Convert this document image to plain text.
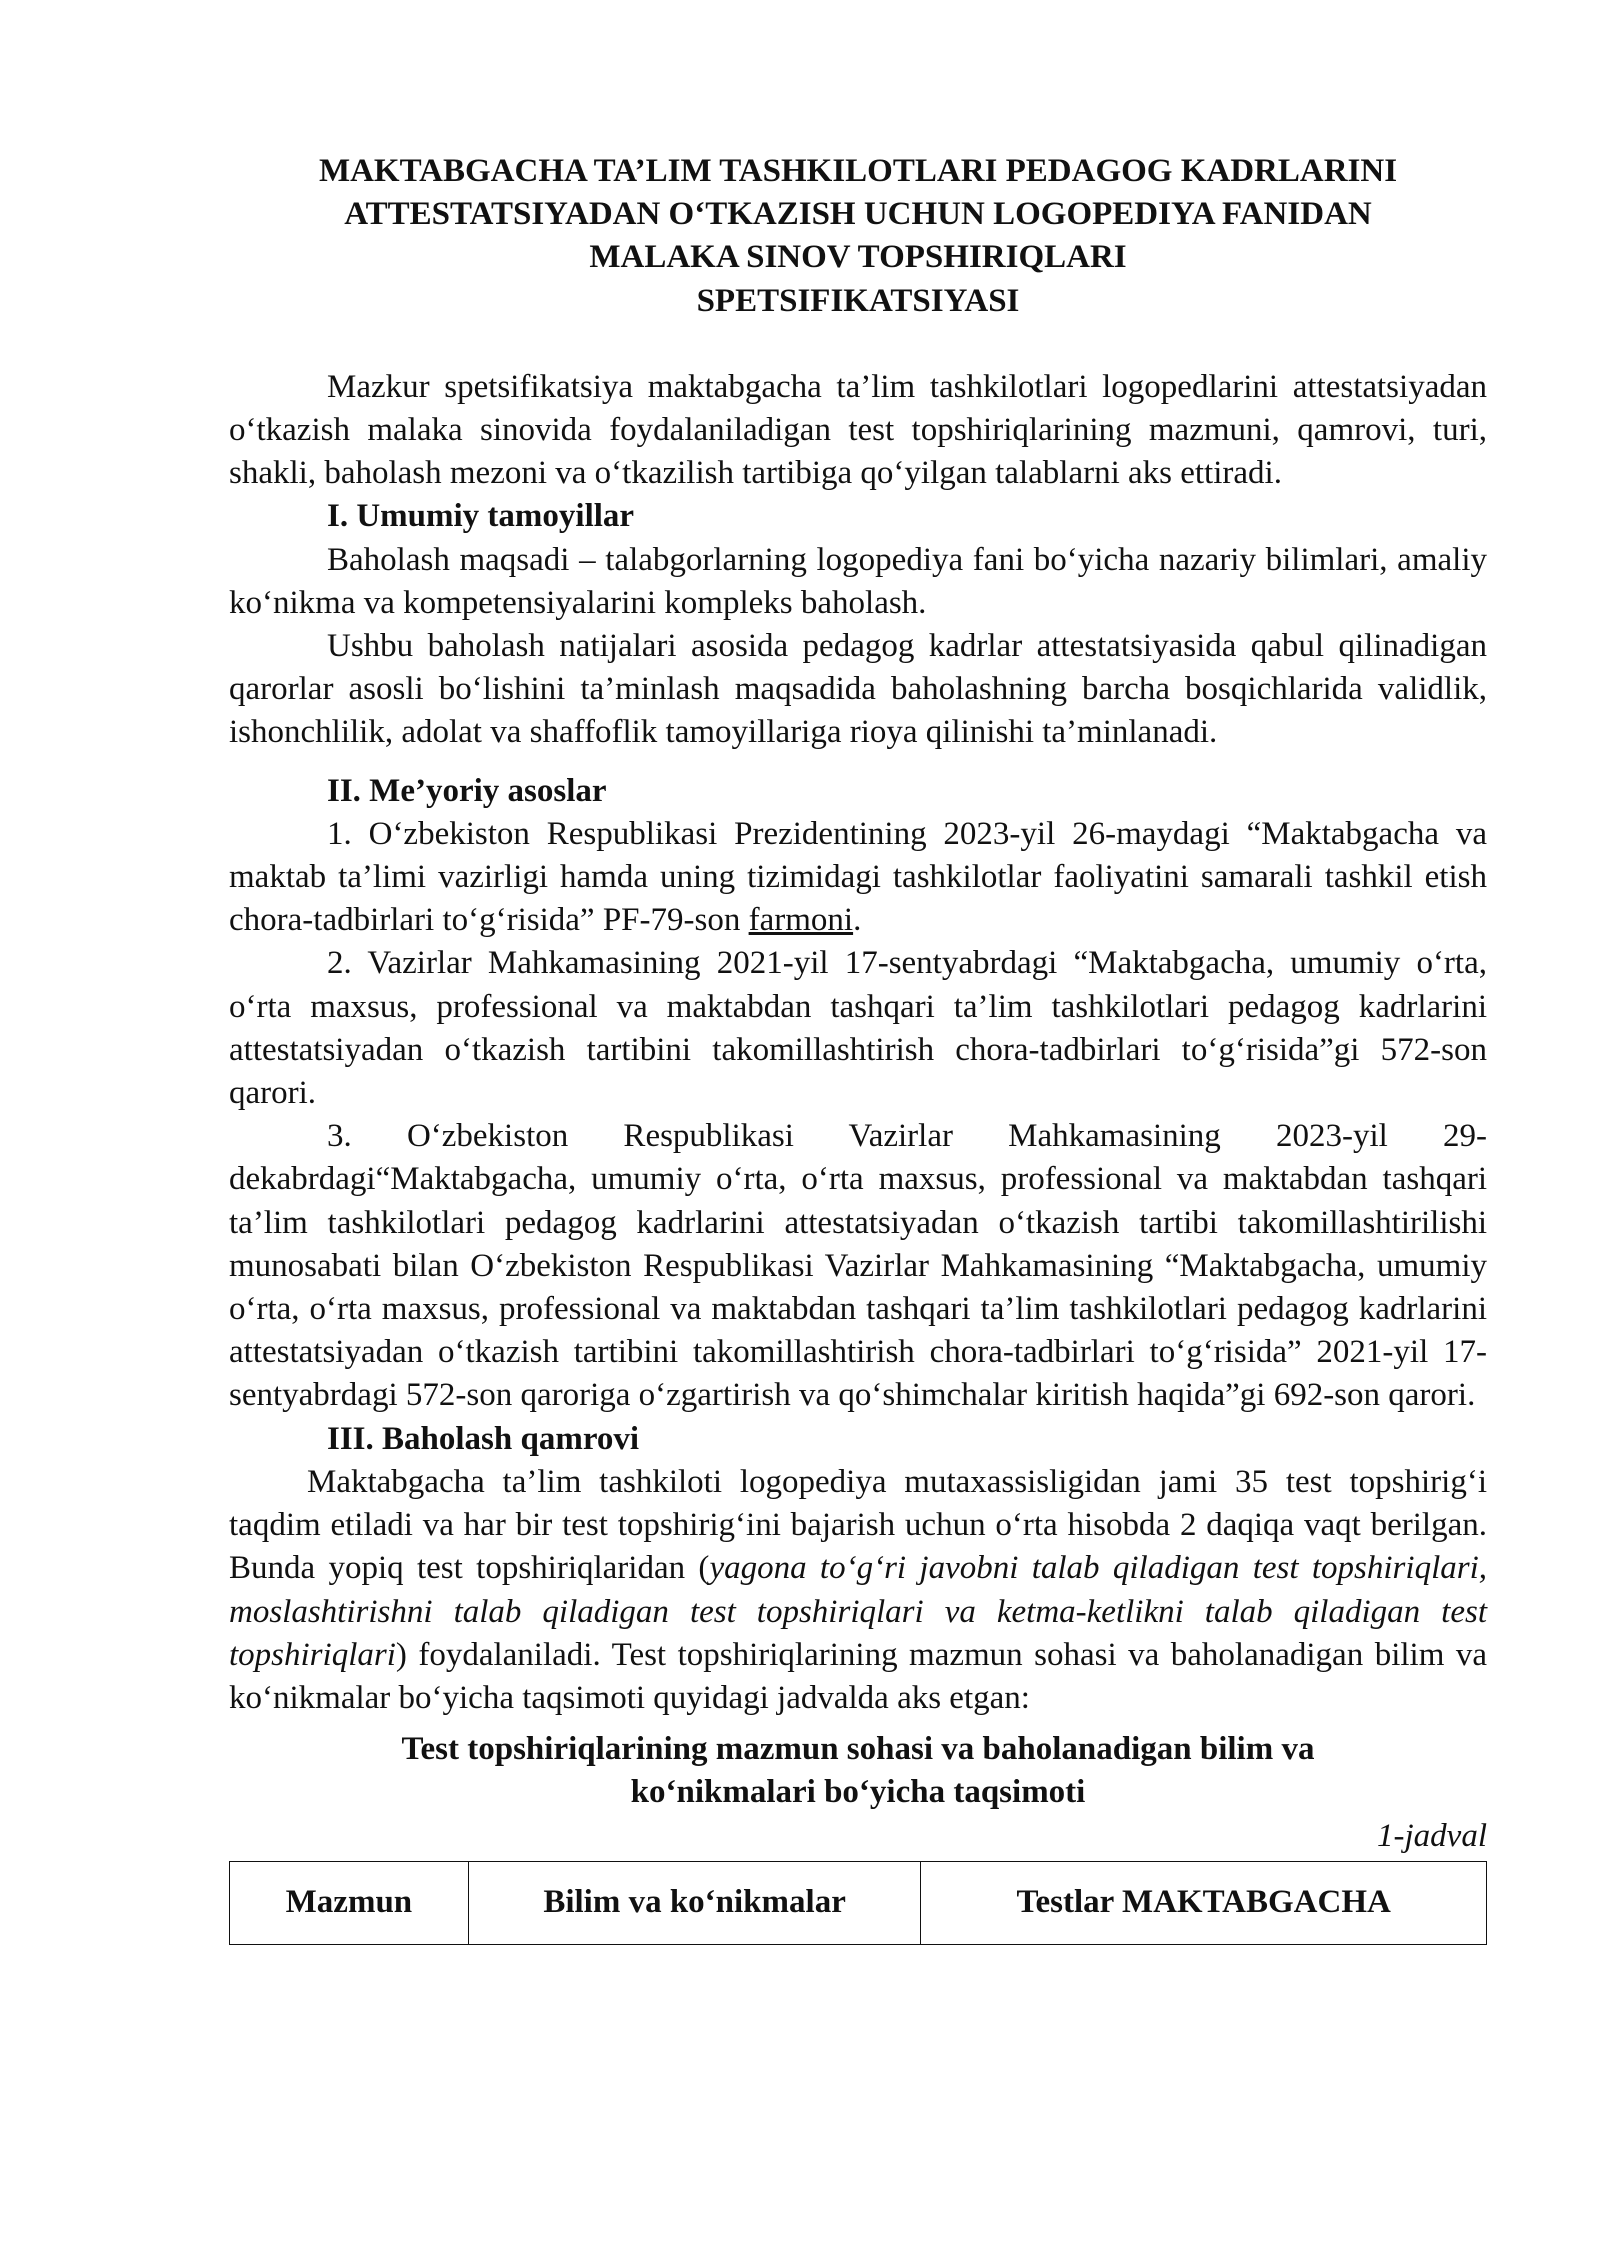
MAKTABGACHA TA’LIM TASHKILOTLARI PEDAGOG KADRLARINI
ATTESTATSIYADAN O‘TKAZISH UCHUN LOGOPEDIYA FANIDAN
MALAKA SINOV TOPSHIRIQLARI
SPETSIFIKATSIYASI

Mazkur spetsifikatsiya maktabgacha ta’lim tashkilotlari logopedlarini attestatsiyadan o‘tkazish malaka sinovida foydalaniladigan test topshiriqlarining mazmuni, qamrovi, turi, shakli, baholash mezoni va o‘tkazilish tartibiga qo‘yilgan talablarni aks ettiradi.

I. Umumiy tamoyillar

Baholash maqsadi – talabgorlarning logopediya fani bo‘yicha nazariy bilimlari, amaliy ko‘nikma va kompetensiyalarini kompleks baholash.

Ushbu baholash natijalari asosida pedagog kadrlar attestatsiyasida qabul qilinadigan qarorlar asosli bo‘lishini ta’minlash maqsadida baholashning barcha bosqichlarida validlik, ishonchlilik, adolat va shaffoflik tamoyillariga rioya qilinishi ta’minlanadi.

II. Me’yoriy asoslar

1. O‘zbekiston Respublikasi Prezidentining 2023-yil 26-maydagi “Maktabgacha va maktab ta’limi vazirligi hamda uning tizimidagi tashkilotlar faoliyatini samarali tashkil etish chora-tadbirlari to‘g‘risida” PF-79-son farmoni.

2. Vazirlar Mahkamasining 2021-yil 17-sentyabrdagi “Maktabgacha, umumiy o‘rta, o‘rta maxsus, professional va maktabdan tashqari ta’lim tashkilotlari pedagog kadrlarini attestatsiyadan o‘tkazish tartibini takomillashtirish chora-tadbirlari to‘g‘risida”gi 572-son qarori.

3. O‘zbekiston Respublikasi Vazirlar Mahkamasining 2023-yil 29-dekabrdagi“Maktabgacha, umumiy o‘rta, o‘rta maxsus, professional va maktabdan tashqari ta’lim tashkilotlari pedagog kadrlarini attestatsiyadan o‘tkazish tartibi takomillashtirilishi munosabati bilan O‘zbekiston Respublikasi Vazirlar Mahkamasining “Maktabgacha, umumiy o‘rta, o‘rta maxsus, professional va maktabdan tashqari ta’lim tashkilotlari pedagog kadrlarini attestatsiyadan o‘tkazish tartibini takomillashtirish chora-tadbirlari to‘g‘risida” 2021-yil 17-sentyabrdagi 572-son qaroriga o‘zgartirish va qo‘shimchalar kiritish haqida”gi 692-son qarori.

III. Baholash qamrovi

Maktabgacha ta’lim tashkiloti logopediya mutaxassisligidan jami 35 test topshirig‘i taqdim etiladi va har bir test topshirig‘ini bajarish uchun o‘rta hisobda 2 daqiqa vaqt berilgan. Bunda yopiq test topshiriqlaridan (yagona to‘g‘ri javobni talab qiladigan test topshiriqlari, moslashtirishni talab qiladigan test topshiriqlari va ketma-ketlikni talab qiladigan test topshiriqlari) foydalaniladi. Test topshiriqlarining mazmun sohasi va baholanadigan bilim va ko‘nikmalar bo‘yicha taqsimoti quyidagi jadvalda aks etgan:

Test topshiriqlarining mazmun sohasi va baholanadigan bilim va
ko‘nikmalari bo‘yicha taqsimoti
1-jadval
Mazmun	Bilim va ko‘nikmalar	Testlar MAKTABGACHA
